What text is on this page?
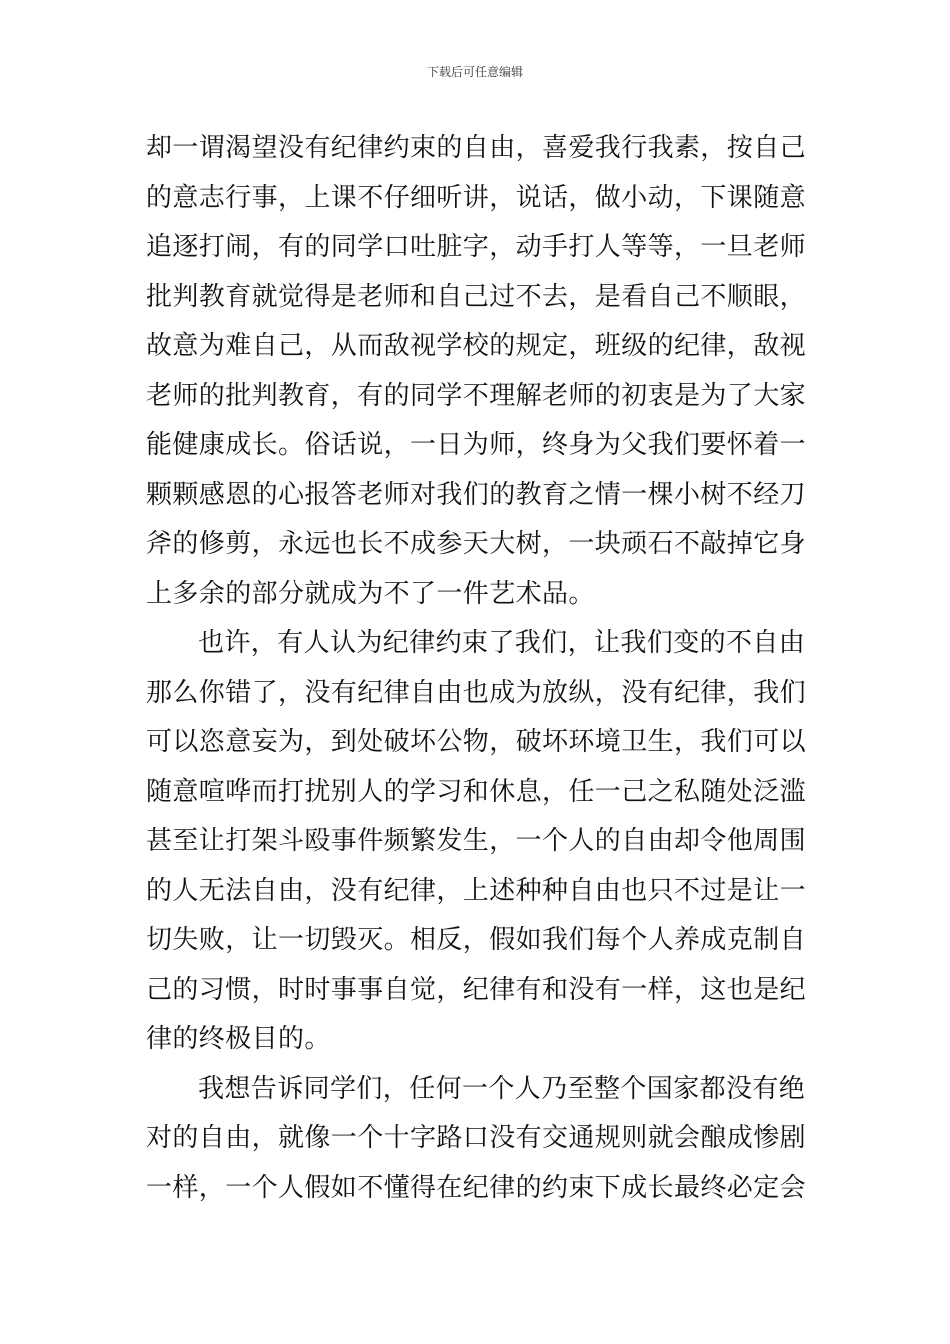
下载后可任意编辑
却一谓渴望没有纪律约束的自由，喜爱我行我素，按自己
的意志行事，上课不仔细听讲，说话，做小动，下课随意
追逐打闹，有的同学口吐脏字，动手打人等等，一旦老师
批判教育就觉得是老师和自己过不去，是看自己不顺眼，
故意为难自己，从而敌视学校的规定，班级的纪律，敌视
老师的批判教育，有的同学不理解老师的初衷是为了大家
能健康成长。俗话说，一日为师，终身为父我们要怀着一
颗颗感恩的心报答老师对我们的教育之情一棵小树不经刀
斧的修剪，永远也长不成参天大树，一块顽石不敲掉它身
上多余的部分就成为不了一件艺术品。
也许，有人认为纪律约束了我们，让我们变的不自由
那么你错了，没有纪律自由也成为放纵，没有纪律，我们
可以恣意妄为，到处破坏公物，破坏环境卫生，我们可以
随意喧哗而打扰别人的学习和休息，任一己之私随处泛滥
甚至让打架斗殴事件频繁发生，一个人的自由却令他周围
的人无法自由，没有纪律，上述种种自由也只不过是让一
切失败，让一切毁灭。相反，假如我们每个人养成克制自
己的习惯，时时事事自觉，纪律有和没有一样，这也是纪
律的终极目的。
我想告诉同学们，任何一个人乃至整个国家都没有绝
对的自由，就像一个十字路口没有交通规则就会酿成惨剧
一样，一个人假如不懂得在纪律的约束下成长最终必定会
